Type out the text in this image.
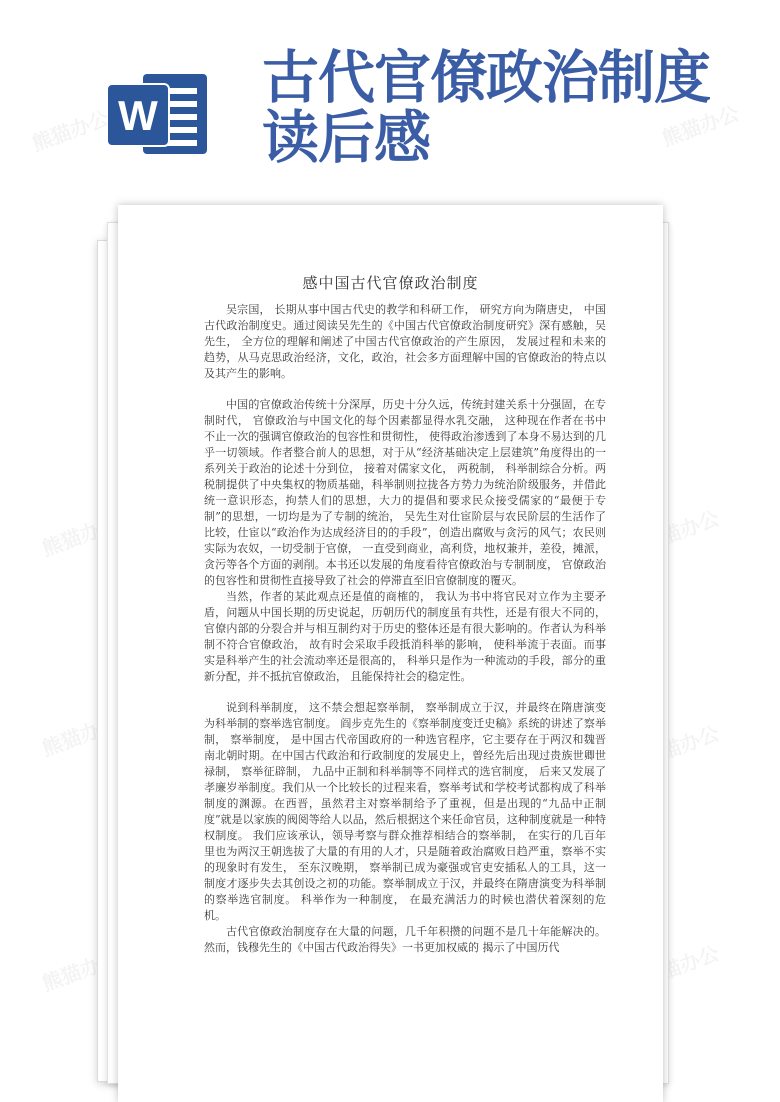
W
古代官僚政治制度
读后感
感中国古代官僚政治制度

吴宗国， 长期从事中国古代史的教学和科研工作， 研究方向为隋唐史， 中国古代政治制度史。通过阅读吴先生的《中国古代官僚政治制度研究》深有感触，吴先生， 全方位的理解和阐述了中国古代官僚政治的产生原因， 发展过程和未来的趋势，从马克思政治经济，文化，政治，社会多方面理解中国的官僚政治的特点以及其产生的影响。

中国的官僚政治传统十分深厚，历史十分久远，传统封建关系十分强固，在专制时代， 官僚政治与中国文化的每个因素都显得水乳交融， 这种现在作者在书中不止一次的强调官僚政治的包容性和贯彻性， 使得政治渗透到了本身不易达到的几乎一切领域。作者整合前人的思想，对于从“经济基础决定上层建筑”角度得出的一系列关于政治的论述十分到位， 接着对儒家文化， 两税制， 科举制综合分析。两税制提供了中央集权的物质基础，科举制则拉拢各方势力为统治阶级服务，并借此统一意识形态，拘禁人们的思想，大力的提倡和要求民众接受儒家的“最便于专制”的思想，一切均是为了专制的统治， 吴先生对仕宦阶层与农民阶层的生活作了比较，仕宦以“政治作为达成经济目的的手段”，创造出腐败与贪污的风气；农民则实际为农奴，一切受制于官僚， 一直受到商业，高利贷，地权兼并，差役，摊派，贪污等各个方面的剥削。本书还以发展的角度看待官僚政治与专制制度， 官僚政治的包容性和贯彻性直接导致了社会的停滞直至旧官僚制度的覆灭。

当然，作者的某此观点还是值的商榷的， 我认为书中将官民对立作为主要矛盾，问题从中国长期的历史说起，历朝历代的制度虽有共性，还是有很大不同的，官僚内部的分裂合并与相互制约对于历史的整体还是有很大影响的。作者认为科举制不符合官僚政治， 故有时会采取手段抵消科举的影响， 使科举流于表面。而事实是科举产生的社会流动率还是很高的， 科举只是作为一种流动的手段，部分的重新分配，并不抵抗官僚政治， 且能保持社会的稳定性。

说到科举制度， 这不禁会想起察举制， 察举制成立于汉，并最终在隋唐演变为科举制的察举选官制度。 阎步克先生的《察举制度变迁史稿》系统的讲述了察举制， 察举制度， 是中国古代帝国政府的一种选官程序，它主要存在于两汉和魏晋南北朝时期。在中国古代政治和行政制度的发展史上，曾经先后出现过贵族世卿世禄制， 察举征辟制， 九品中正制和科举制等不同样式的选官制度， 后来又发展了孝廉岁举制度。我们从一个比较长的过程来看，察举考试和学校考试都构成了科举制度的渊源。在西晋，虽然君主对察举制给予了重视，但是出现的“九品中正制度”就是以家族的阀阅等给人以品，然后根据这个来任命官员，这种制度就是一种特权制度。 我们应该承认，领导考察与群众推荐相结合的察举制， 在实行的几百年里也为两汉王朝选拔了大量的有用的人才，只是随着政治腐败日趋严重，察举不实的现象时有发生， 至东汉晚期， 察举制已成为豪强或官吏安插私人的工具，这一制度才逐步失去其创设之初的功能。察举制成立于汉，并最终在隋唐演变为科举制的察举选官制度。 科举作为一种制度， 在最充满活力的时候也潜伏着深刻的危机。

古代官僚政治制度存在大量的问题，几千年积攒的问题不是几十年能解决的。 然而，钱穆先生的《中国古代政治得失》一书更加权威的 揭示了中国历代
